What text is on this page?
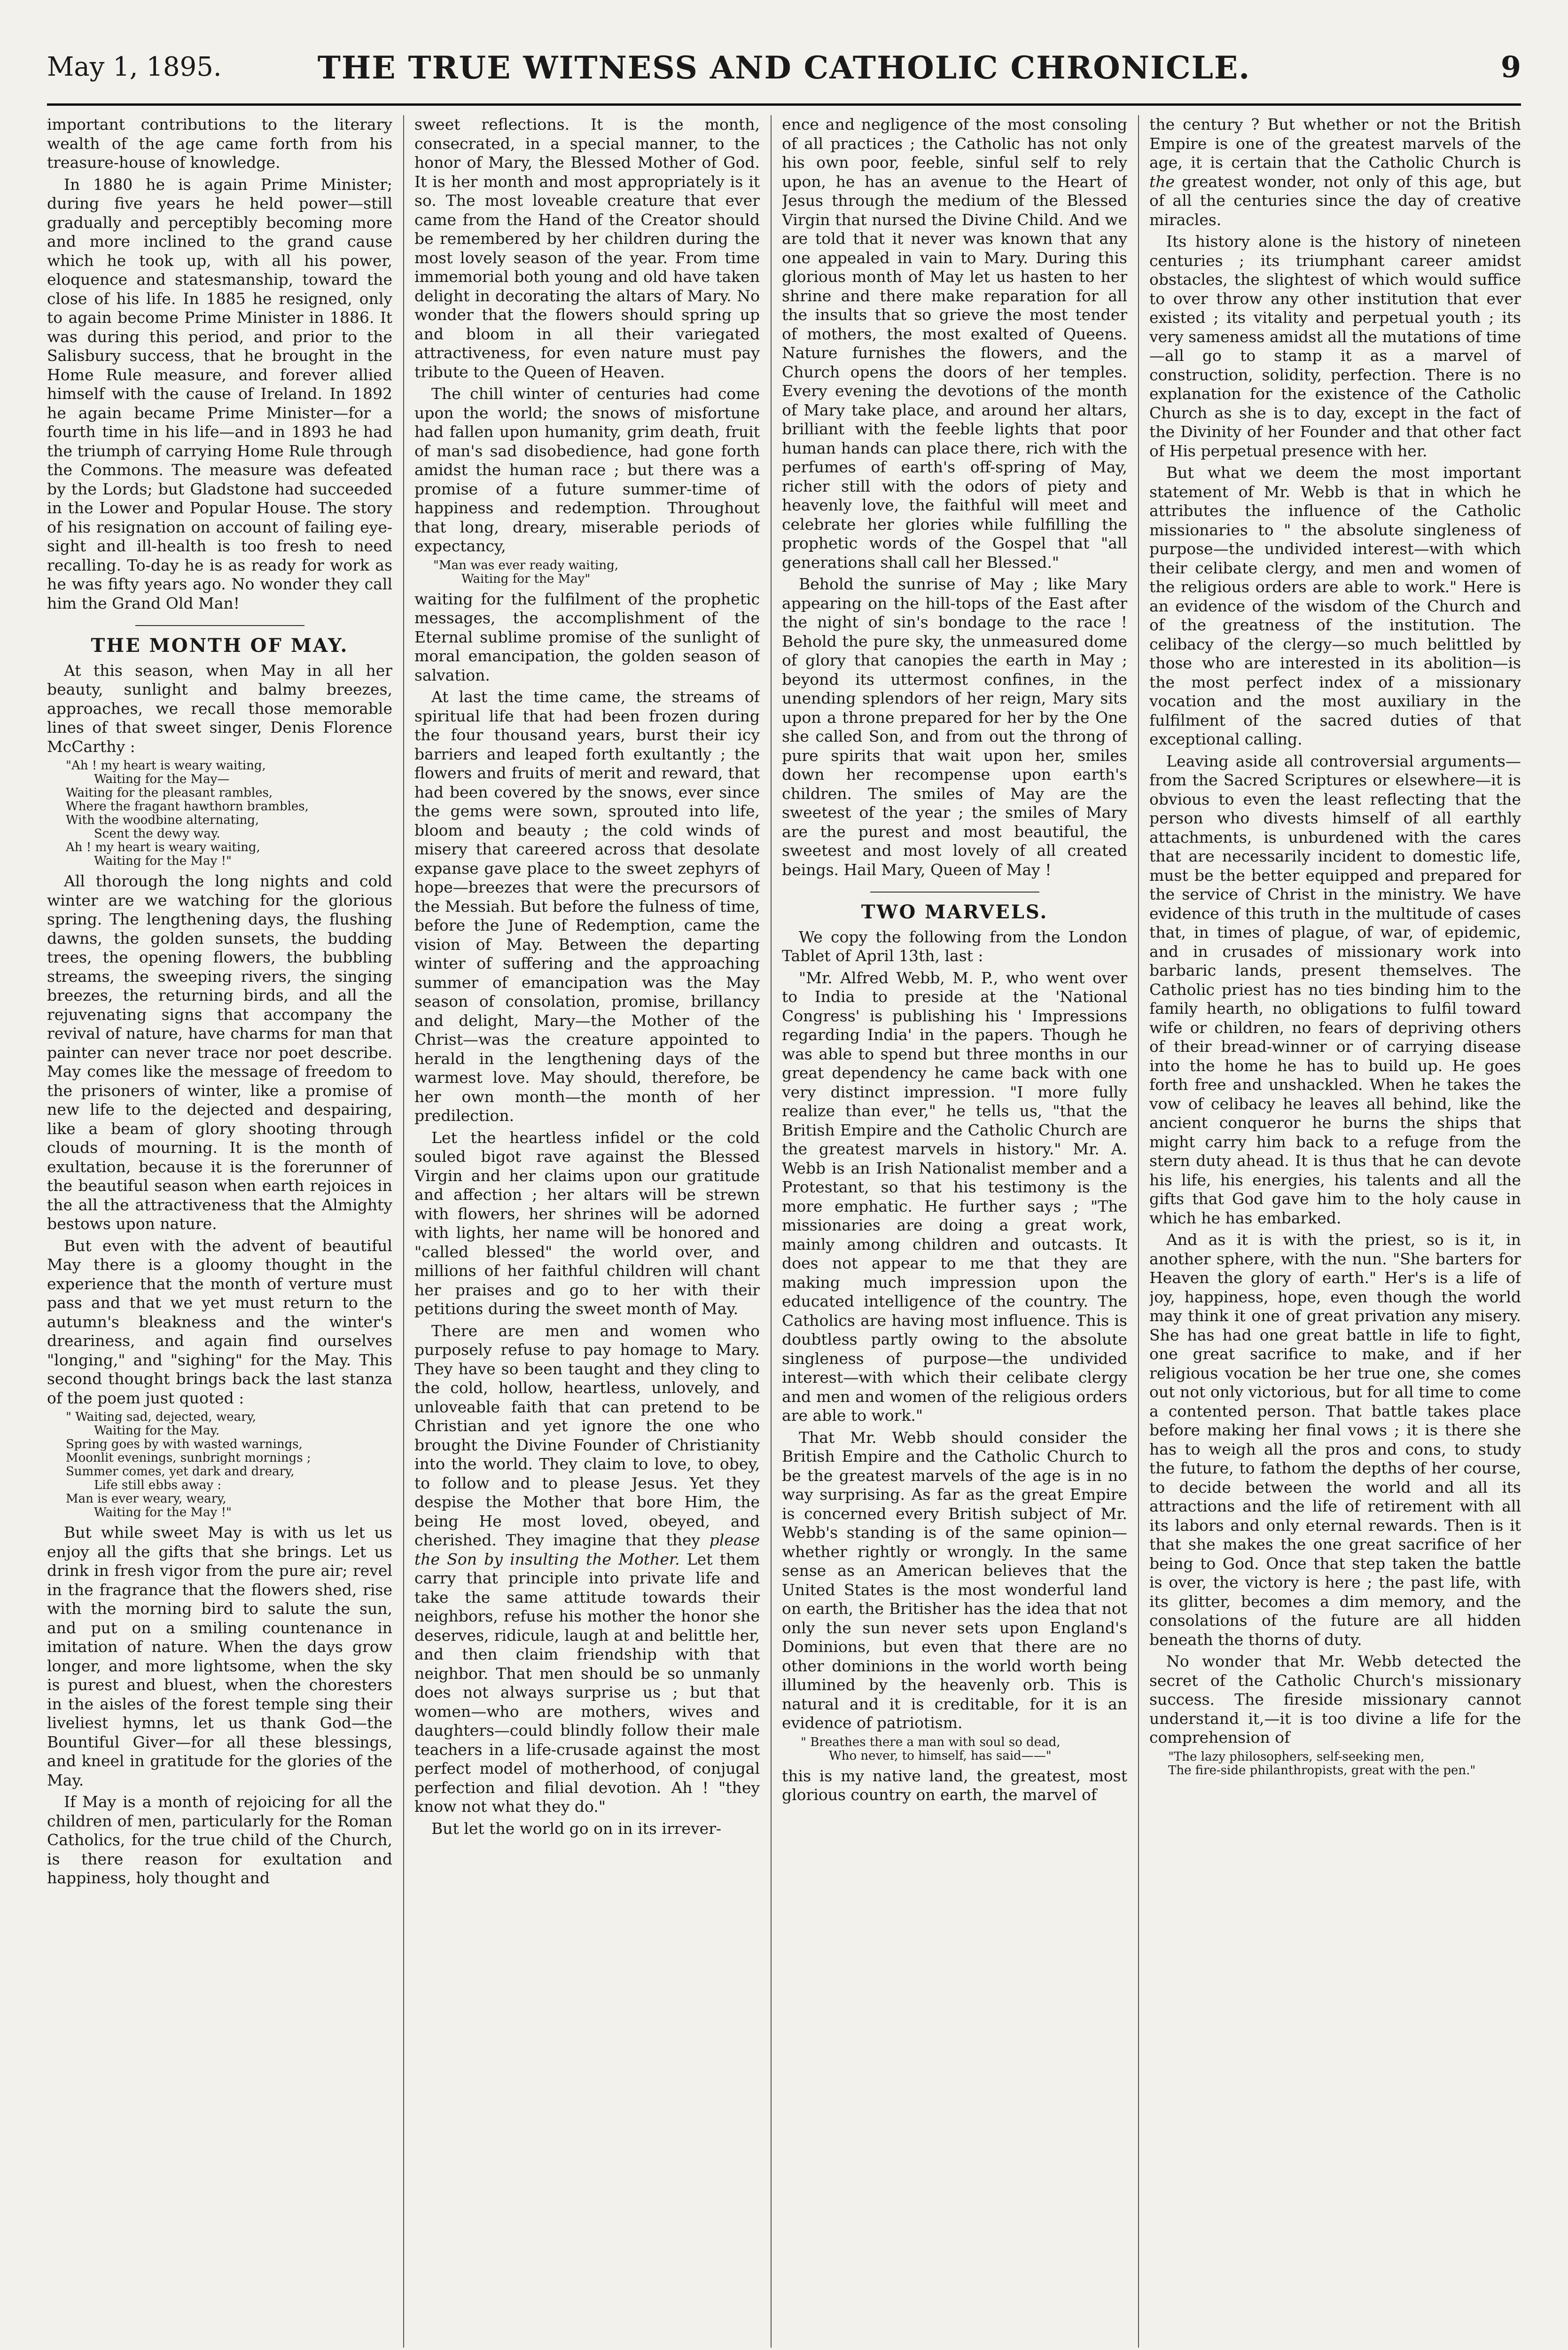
May 1, 1895.	THE TRUE WITNESS AND CATHOLIC CHRONICLE.	9

important contributions to the literary wealth of the age came forth from his treasure-house of knowledge.

In 1880 he is again Prime Minister; during five years he held power—still gradually and perceptibly becoming more and more inclined to the grand cause which he took up, with all his power, eloquence and statesmanship, toward the close of his life. In 1885 he resigned, only to again become Prime Minister in 1886. It was during this period, and prior to the Salisbury success, that he brought in the Home Rule measure, and forever allied himself with the cause of Ireland. In 1892 he again became Prime Minister—for a fourth time in his life—and in 1893 he had the triumph of carrying Home Rule through the Commons. The measure was defeated by the Lords; but Gladstone had succeeded in the Lower and Popular House. The story of his resignation on account of failing eye-sight and ill-health is too fresh to need recalling. To-day he is as ready for work as he was fifty years ago. No wonder they call him the Grand Old Man!

THE MONTH OF MAY.

At this season, when May in all her beauty, sunlight and balmy breezes, approaches, we recall those memorable lines of that sweet singer, Denis Florence McCarthy :

"Ah ! my heart is weary waiting,
Waiting for the May—
Waiting for the pleasant rambles,
Where the fragant hawthorn brambles,
With the woodbine alternating,
Scent the dewy way.
Ah ! my heart is weary waiting,
Waiting for the May !"

All thorough the long nights and cold winter are we watching for the glorious spring. The lengthening days, the flushing dawns, the golden sunsets, the budding trees, the opening flowers, the bubbling streams, the sweeping rivers, the singing breezes, the returning birds, and all the rejuvenating signs that accompany the revival of nature, have charms for man that painter can never trace nor poet describe. May comes like the message of freedom to the prisoners of winter, like a promise of new life to the dejected and despairing, like a beam of glory shooting through clouds of mourning. It is the month of exultation, because it is the forerunner of the beautiful season when earth rejoices in the all the attractiveness that the Almighty bestows upon nature.

But even with the advent of beautiful May there is a gloomy thought in the experience that the month of verture must pass and that we yet must return to the autumn's bleakness and the winter's dreariness, and again find ourselves "longing," and "sighing" for the May. This second thought brings back the last stanza of the poem just quoted :

" Waiting sad, dejected, weary,
Waiting for the May.
Spring goes by with wasted warnings,
Moonlit evenings, sunbright mornings ;
Summer comes, yet dark and dreary,
Life still ebbs away :
Man is ever weary, weary,
Waiting for the May !"

But while sweet May is with us let us enjoy all the gifts that she brings. Let us drink in fresh vigor from the pure air; revel in the fragrance that the flowers shed, rise with the morning bird to salute the sun, and put on a smiling countenance in imitation of nature. When the days grow longer, and more lightsome, when the sky is purest and bluest, when the choresters in the aisles of the forest temple sing their liveliest hymns, let us thank God—the Bountiful Giver—for all these blessings, and kneel in gratitude for the glories of the May.

If May is a month of rejoicing for all the children of men, particularly for the Roman Catholics, for the true child of the Church, is there reason for exultation and happiness, holy thought and

sweet reflections. It is the month, consecrated, in a special manner, to the honor of Mary, the Blessed Mother of God. It is her month and most appropriately is it so. The most loveable creature that ever came from the Hand of the Creator should be remembered by her children during the most lovely season of the year. From time immemorial both young and old have taken delight in decorating the altars of Mary. No wonder that the flowers should spring up and bloom in all their variegated attractiveness, for even nature must pay tribute to the Queen of Heaven.

The chill winter of centuries had come upon the world; the snows of misfortune had fallen upon humanity, grim death, fruit of man's sad disobedience, had gone forth amidst the human race ; but there was a promise of a future summer-time of happiness and redemption. Throughout that long, dreary, miserable periods of expectancy,

"Man was ever ready waiting,
Waiting for the May"

waiting for the fulfilment of the prophetic messages, the accomplishment of the Eternal sublime promise of the sunlight of moral emancipation, the golden season of salvation.

At last the time came, the streams of spiritual life that had been frozen during the four thousand years, burst their icy barriers and leaped forth exultantly ; the flowers and fruits of merit and reward, that had been covered by the snows, ever since the gems were sown, sprouted into life, bloom and beauty ; the cold winds of misery that careered across that desolate expanse gave place to the sweet zephyrs of hope—breezes that were the precursors of the Messiah. But before the fulness of time, before the June of Redemption, came the vision of May. Between the departing winter of suffering and the approaching summer of emancipation was the May season of consolation, promise, brillancy and delight, Mary—the Mother of the Christ—was the creature appointed to herald in the lengthening days of the warmest love. May should, therefore, be her own month—the month of her predilection.

Let the heartless infidel or the cold souled bigot rave against the Blessed Virgin and her claims upon our gratitude and affection ; her altars will be strewn with flowers, her shrines will be adorned with lights, her name will be honored and "called blessed" the world over, and millions of her faithful children will chant her praises and go to her with their petitions during the sweet month of May.

There are men and women who purposely refuse to pay homage to Mary. They have so been taught and they cling to the cold, hollow, heartless, unlovely, and unloveable faith that can pretend to be Christian and yet ignore the one who brought the Divine Founder of Christianity into the world. They claim to love, to obey, to follow and to please Jesus. Yet they despise the Mother that bore Him, the being He most loved, obeyed, and cherished. They imagine that they please the Son by insulting the Mother. Let them carry that principle into private life and take the same attitude towards their neighbors, refuse his mother the honor she deserves, ridicule, laugh at and belittle her, and then claim friendship with that neighbor. That men should be so unmanly does not always surprise us ; but that women—who are mothers, wives and daughters—could blindly follow their male teachers in a life-crusade against the most perfect model of motherhood, of conjugal perfection and filial devotion. Ah ! "they know not what they do."

But let the world go on in its irrever-

ence and negligence of the most consoling of all practices ; the Catholic has not only his own poor, feeble, sinful self to rely upon, he has an avenue to the Heart of Jesus through the medium of the Blessed Virgin that nursed the Divine Child. And we are told that it never was known that any one appealed in vain to Mary. During this glorious month of May let us hasten to her shrine and there make reparation for all the insults that so grieve the most tender of mothers, the most exalted of Queens. Nature furnishes the flowers, and the Church opens the doors of her temples. Every evening the devotions of the month of Mary take place, and around her altars, brilliant with the feeble lights that poor human hands can place there, rich with the perfumes of earth's off-spring of May, richer still with the odors of piety and heavenly love, the faithful will meet and celebrate her glories while fulfilling the prophetic words of the Gospel that "all generations shall call her Blessed."

Behold the sunrise of May ; like Mary appearing on the hill-tops of the East after the night of sin's bondage to the race ! Behold the pure sky, the unmeasured dome of glory that canopies the earth in May ; beyond its uttermost confines, in the unending splendors of her reign, Mary sits upon a throne prepared for her by the One she called Son, and from out the throng of pure spirits that wait upon her, smiles down her recompense upon earth's children. The smiles of May are the sweetest of the year ; the smiles of Mary are the purest and most beautiful, the sweetest and most lovely of all created beings. Hail Mary, Queen of May !

TWO MARVELS.

We copy the following from the London Tablet of April 13th, last :

"Mr. Alfred Webb, M. P., who went over to India to preside at the 'National Congress' is publishing his ' Impressions regarding India' in the papers. Though he was able to spend but three months in our great dependency he came back with one very distinct impression. "I more fully realize than ever," he tells us, "that the British Empire and the Catholic Church are the greatest marvels in history." Mr. A. Webb is an Irish Nationalist member and a Protestant, so that his testimony is the more emphatic. He further says ; "The missionaries are doing a great work, mainly among children and outcasts. It does not appear to me that they are making much impression upon the educated intelligence of the country. The Catholics are having most influence. This is doubtless partly owing to the absolute singleness of purpose—the undivided interest—with which their celibate clergy and men and women of the religious orders are able to work."

That Mr. Webb should consider the British Empire and the Catholic Church to be the greatest marvels of the age is in no way surprising. As far as the great Empire is concerned every British subject of Mr. Webb's standing is of the same opinion—whether rightly or wrongly. In the same sense as an American believes that the United States is the most wonderful land on earth, the Britisher has the idea that not only the sun never sets upon England's Dominions, but even that there are no other dominions in the world worth being illumined by the heavenly orb. This is natural and it is creditable, for it is an evidence of patriotism.

" Breathes there a man with soul so dead,
Who never, to himself, has said——"

this is my native land, the greatest, most glorious country on earth, the marvel of

the century ? But whether or not the British Empire is one of the greatest marvels of the age, it is certain that the Catholic Church is the greatest wonder, not only of this age, but of all the centuries since the day of creative miracles.

Its history alone is the history of nineteen centuries ; its triumphant career amidst obstacles, the slightest of which would suffice to over throw any other institution that ever existed ; its vitality and perpetual youth ; its very sameness amidst all the mutations of time—all go to stamp it as a marvel of construction, solidity, perfection. There is no explanation for the existence of the Catholic Church as she is to day, except in the fact of the Divinity of her Founder and that other fact of His perpetual presence with her.

But what we deem the most important statement of Mr. Webb is that in which he attributes the influence of the Catholic missionaries to " the absolute singleness of purpose—the undivided interest—with which their celibate clergy, and men and women of the religious orders are able to work." Here is an evidence of the wisdom of the Church and of the greatness of the institution. The celibacy of the clergy—so much belittled by those who are interested in its abolition—is the most perfect index of a missionary vocation and the most auxiliary in the fulfilment of the sacred duties of that exceptional calling.

Leaving aside all controversial arguments—from the Sacred Scriptures or elsewhere—it is obvious to even the least reflecting that the person who divests himself of all earthly attachments, is unburdened with the cares that are necessarily incident to domestic life, must be the better equipped and prepared for the service of Christ in the ministry. We have evidence of this truth in the multitude of cases that, in times of plague, of war, of epidemic, and in crusades of missionary work into barbaric lands, present themselves. The Catholic priest has no ties binding him to the family hearth, no obligations to fulfil toward wife or children, no fears of depriving others of their bread-winner or of carrying disease into the home he has to build up. He goes forth free and unshackled. When he takes the vow of celibacy he leaves all behind, like the ancient conqueror he burns the ships that might carry him back to a refuge from the stern duty ahead. It is thus that he can devote his life, his energies, his talents and all the gifts that God gave him to the holy cause in which he has embarked.

And as it is with the priest, so is it, in another sphere, with the nun. "She barters for Heaven the glory of earth." Her's is a life of joy, happiness, hope, even though the world may think it one of great privation any misery. She has had one great battle in life to fight, one great sacrifice to make, and if her religious vocation be her true one, she comes out not only victorious, but for all time to come a contented person. That battle takes place before making her final vows ; it is there she has to weigh all the pros and cons, to study the future, to fathom the depths of her course, to decide between the world and all its attractions and the life of retirement with all its labors and only eternal rewards. Then is it that she makes the one great sacrifice of her being to God. Once that step taken the battle is over, the victory is here ; the past life, with its glitter, becomes a dim memory, and the consolations of the future are all hidden beneath the thorns of duty.

No wonder that Mr. Webb detected the secret of the Catholic Church's missionary success. The fireside missionary cannot understand it,—it is too divine a life for the comprehension of

"The lazy philosophers, self-seeking men,
The fire-side philanthropists, great with the pen."
